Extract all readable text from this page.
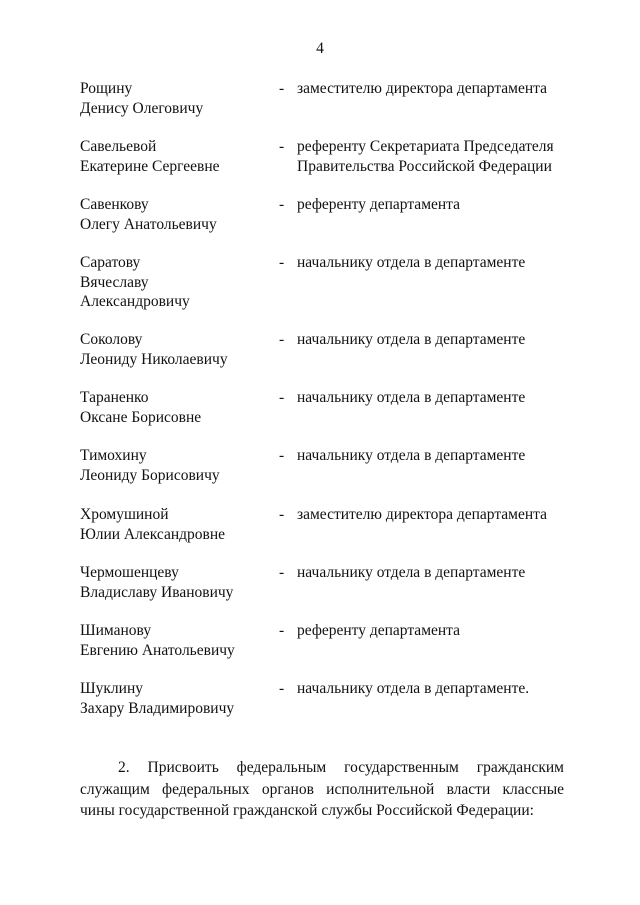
4
Рощину
Денису Олеговичу
- заместителю директора департамента
Савельевой
Екатерине Сергеевне
- референту Секретариата Председателя
Правительства Российской Федерации
Савенкову
Олегу Анатольевичу
- референту департамента
Саратову
Вячеславу
Александровичу
- начальнику отдела в департаменте
Соколову
Леониду Николаевичу
- начальнику отдела в департаменте
Тараненко
Оксане Борисовне
- начальнику отдела в департаменте
Тимохину
Леониду Борисовичу
- начальнику отдела в департаменте
Хромушиной
Юлии Александровне
- заместителю директора департамента
Чермошенцеву
Владиславу Ивановичу
- начальнику отдела в департаменте
Шиманову
Евгению Анатольевичу
- референту департамента
Шуклину
Захару Владимировичу
- начальнику отдела в департаменте.
2. Присвоить федеральным государственным гражданским
служащим федеральных органов исполнительной власти классные
чины государственной гражданской службы Российской Федерации:
